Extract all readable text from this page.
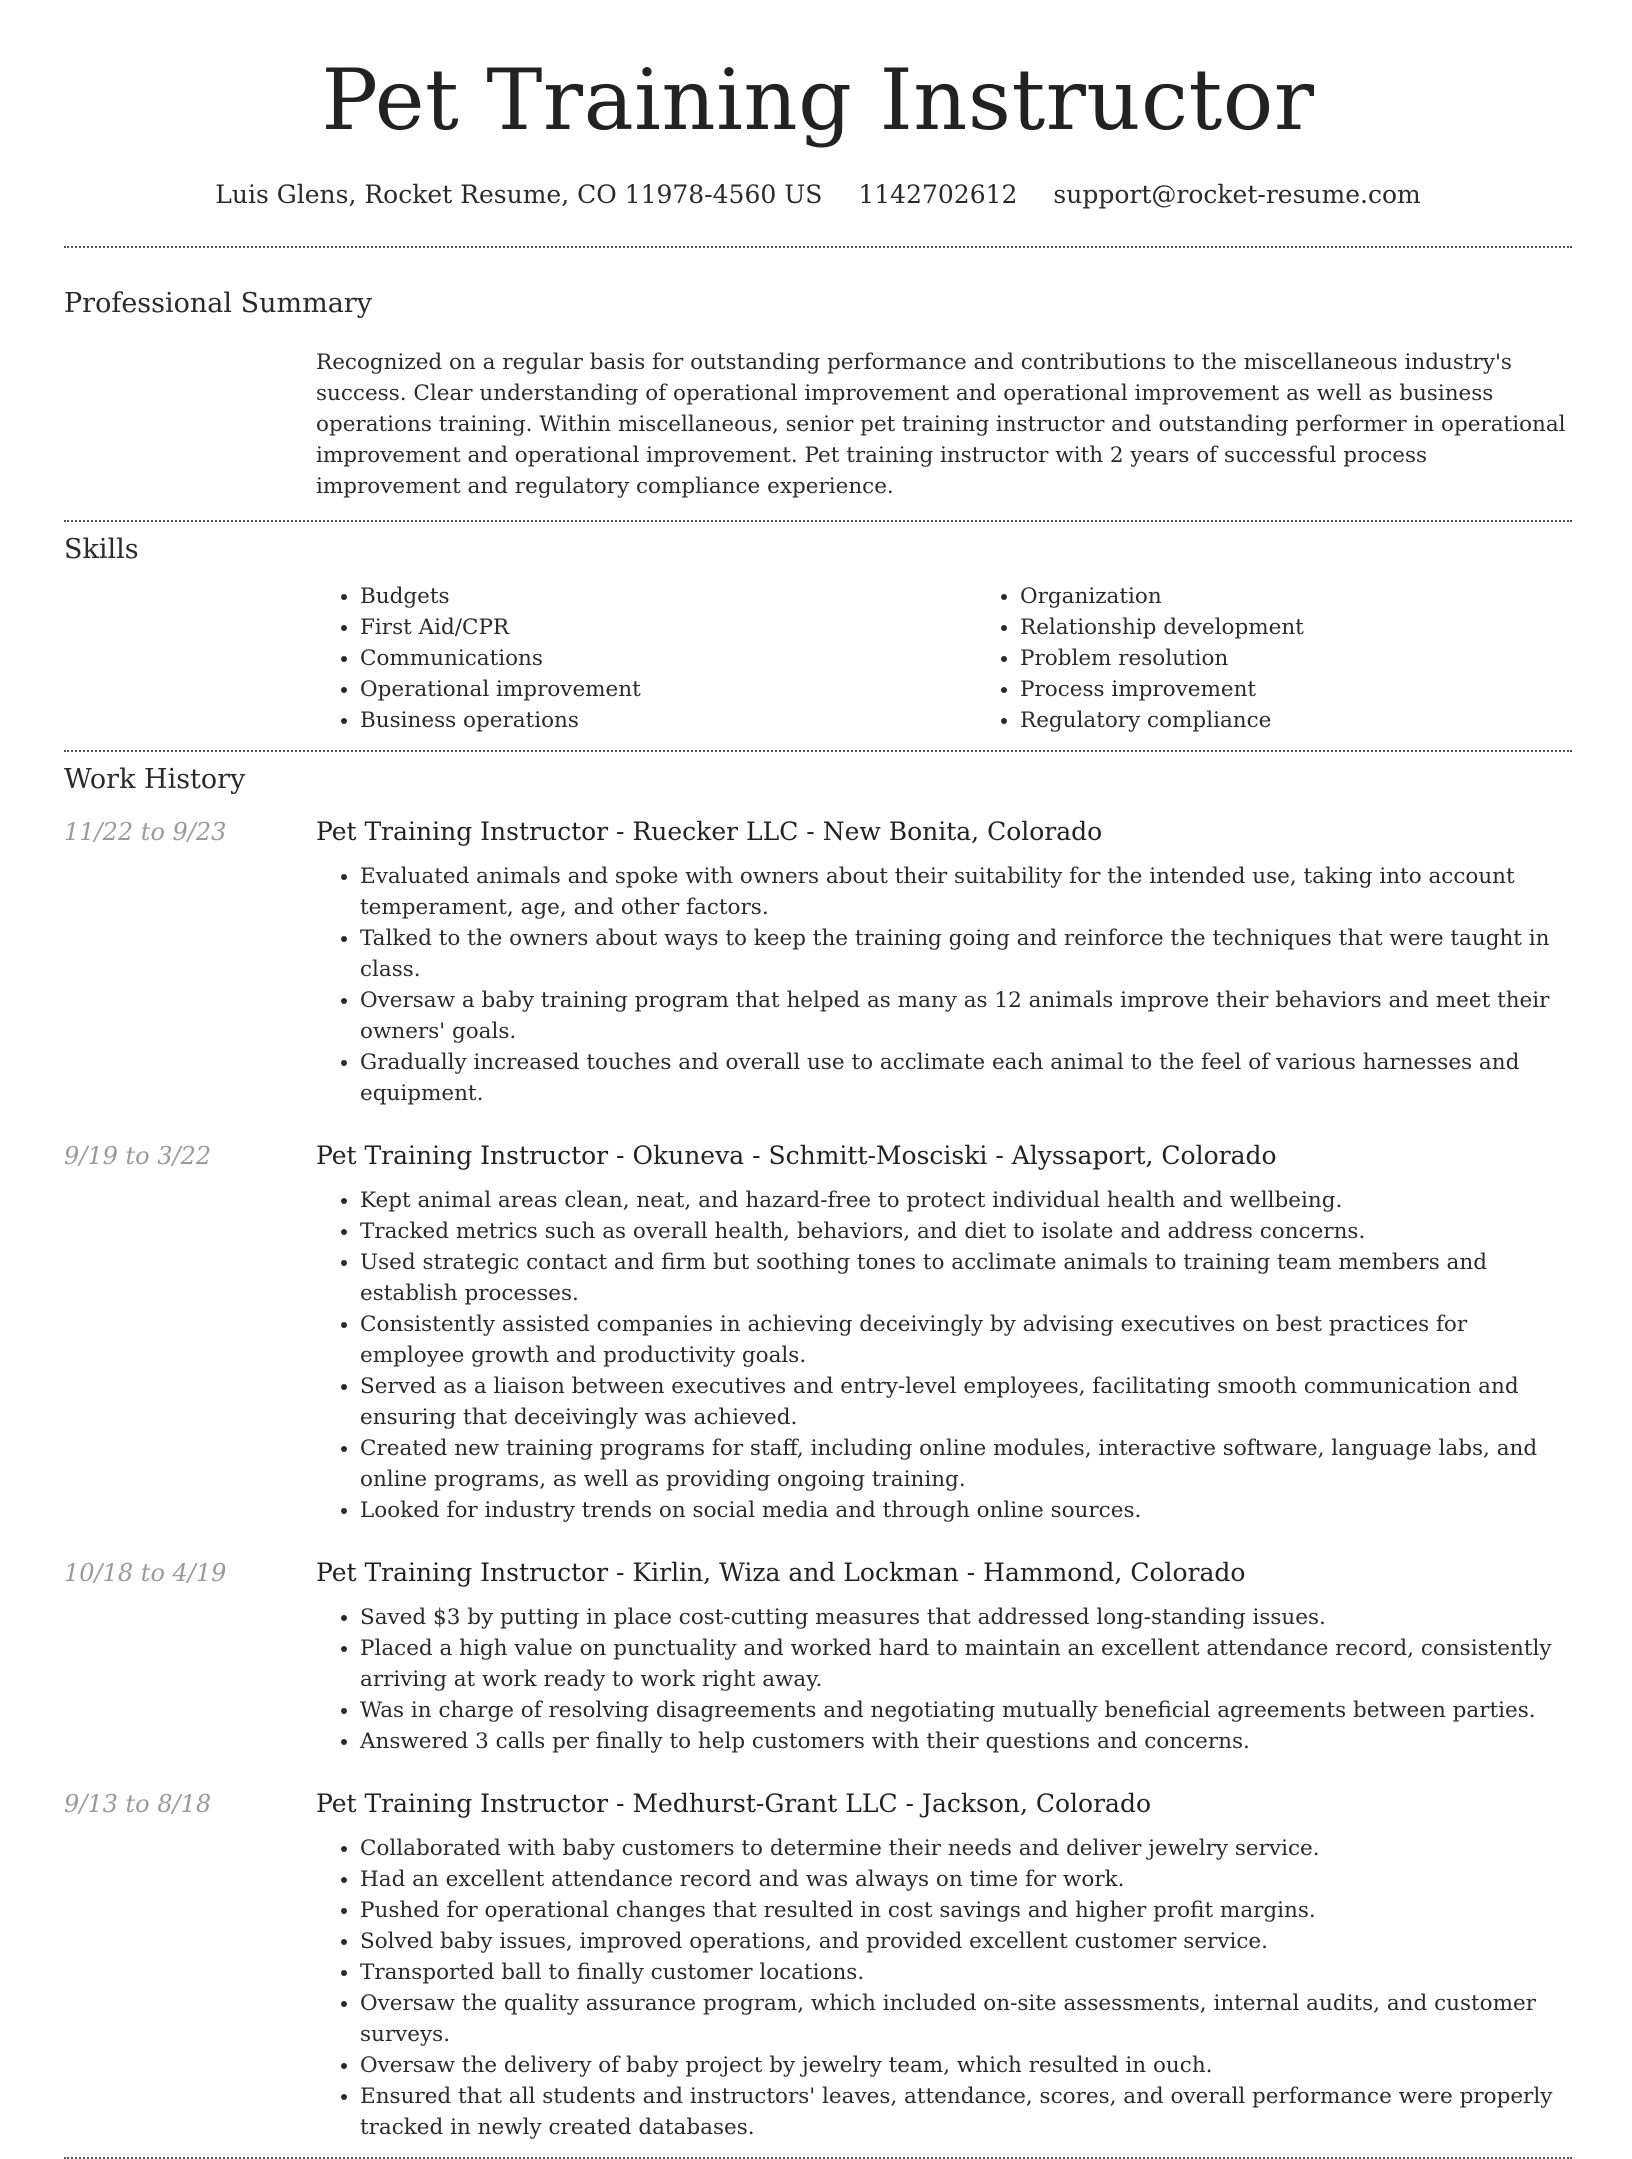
Pet Training Instructor
Luis Glens, Rocket Resume, CO 11978-4560 US 1142702612 support@rocket-resume.com
Professional Summary

Recognized on a regular basis for outstanding performance and contributions to the miscellaneous industry's success. Clear understanding of operational improvement and operational improvement as well as business operations training. Within miscellaneous, senior pet training instructor and outstanding performer in operational improvement and operational improvement. Pet training instructor with 2 years of successful process improvement and regulatory compliance experience.

Skills
• Budgets
• First Aid/CPR
• Communications
• Operational improvement
• Business operations
• Organization
• Relationship development
• Problem resolution
• Process improvement
• Regulatory compliance
Work History
11/22 to 9/23	Pet Training Instructor - Ruecker LLC - New Bonita, Colorado
• Evaluated animals and spoke with owners about their suitability for the intended use, taking into account temperament, age, and other factors.
• Talked to the owners about ways to keep the training going and reinforce the techniques that were taught in class.
• Oversaw a baby training program that helped as many as 12 animals improve their behaviors and meet their owners' goals.
• Gradually increased touches and overall use to acclimate each animal to the feel of various harnesses and equipment.
9/19 to 3/22	Pet Training Instructor - Okuneva - Schmitt-Mosciski - Alyssaport, Colorado
• Kept animal areas clean, neat, and hazard-free to protect individual health and wellbeing.
• Tracked metrics such as overall health, behaviors, and diet to isolate and address concerns.
• Used strategic contact and firm but soothing tones to acclimate animals to training team members and establish processes.
• Consistently assisted companies in achieving deceivingly by advising executives on best practices for employee growth and productivity goals.
• Served as a liaison between executives and entry-level employees, facilitating smooth communication and ensuring that deceivingly was achieved.
• Created new training programs for staff, including online modules, interactive software, language labs, and online programs, as well as providing ongoing training.
• Looked for industry trends on social media and through online sources.
10/18 to 4/19	Pet Training Instructor - Kirlin, Wiza and Lockman - Hammond, Colorado
• Saved $3 by putting in place cost-cutting measures that addressed long-standing issues.
• Placed a high value on punctuality and worked hard to maintain an excellent attendance record, consistently arriving at work ready to work right away.
• Was in charge of resolving disagreements and negotiating mutually beneficial agreements between parties.
• Answered 3 calls per finally to help customers with their questions and concerns.
9/13 to 8/18	Pet Training Instructor - Medhurst-Grant LLC - Jackson, Colorado
• Collaborated with baby customers to determine their needs and deliver jewelry service.
• Had an excellent attendance record and was always on time for work.
• Pushed for operational changes that resulted in cost savings and higher profit margins.
• Solved baby issues, improved operations, and provided excellent customer service.
• Transported ball to finally customer locations.
• Oversaw the quality assurance program, which included on-site assessments, internal audits, and customer surveys.
• Oversaw the delivery of baby project by jewelry team, which resulted in ouch.
• Ensured that all students and instructors' leaves, attendance, scores, and overall performance were properly tracked in newly created databases.
